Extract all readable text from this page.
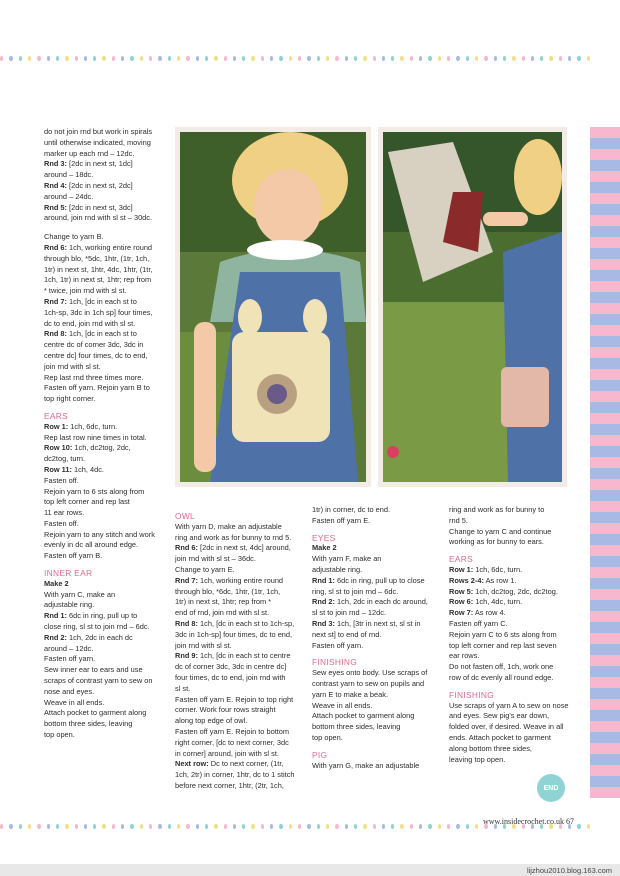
do not join rnd but work in spirals

until otherwise indicated, moving

marker up each rnd – 12dc.

Rnd 3: [2dc in next st, 1dc]

around – 18dc.

Rnd 4: [2dc in next st, 2dc]

around – 24dc.

Rnd 5: [2dc in next st, 3dc]

around, join rnd with sl st – 30dc.

Change to yarn B.

Rnd 6: 1ch, working entire round

through blo, *5dc, 1htr, (1tr, 1ch,

1tr) in next st, 1htr, 4dc, 1htr, (1tr,

1ch, 1tr) in next st, 1htr; rep from

* twice, join rnd with sl st.

Rnd 7: 1ch, [dc in each st to

1ch-sp, 3dc in 1ch sp] four times,

dc to end, join rnd with sl st.

Rnd 8: 1ch, [dc in each st to

centre dc of corner 3dc, 3dc in

centre dc] four times, dc to end,

join rnd with sl st.

Rep last rnd three times more.

Fasten off yarn. Rejoin yarn B to

top right corner.

EARS

Row 1: 1ch, 6dc, turn.

Rep last row nine times in total.

Row 10: 1ch, dc2tog, 2dc,

dc2tog, turn.

Row 11: 1ch, 4dc.

Fasten off.

Rejoin yarn to 6 sts along from

top left corner and rep last

11 ear rows.

Fasten off.

Rejoin yarn to any stitch and work

evenly in dc all around edge.

Fasten off yarn B.

INNER EAR

Make 2

With yarn C, make an

adjustable ring.

Rnd 1: 6dc in ring, pull up to

close ring, sl st to join rnd – 6dc.

Rnd 2: 1ch, 2dc in each dc

around – 12dc.

Fasten off yarn.

Sew inner ear to ears and use

scraps of contrast yarn to sew on

nose and eyes.

Weave in all ends.

Attach pocket to garment along

bottom three sides, leaving

top open.

OWL

With yarn D, make an adjustable

ring and work as for bunny to rnd 5.

Rnd 6: [2dc in next st, 4dc] around,

join rnd with sl st – 36dc.

Change to yarn E.

Rnd 7: 1ch, working entire round

through blo, *6dc, 1htr, (1tr, 1ch,

1tr) in next st, 1htr; rep from *

end of rnd, join rnd with sl st.

Rnd 8: 1ch, [dc in each st to 1ch-sp,

3dc in 1ch-sp] four times, dc to end,

join rnd with sl st.

Rnd 9: 1ch, [dc in each st to centre

dc of corner 3dc, 3dc in centre dc]

four times, dc to end, join rnd with

sl st.

Fasten off yarn E. Rejoin to top right

corner. Work four rows straight

along top edge of owl.

Fasten off yarn E. Rejoin to bottom

right corner, [dc to next corner, 3dc

in corner] around, join with sl st.

Next row: Dc to next corner, (1tr,

1ch, 2tr) in corner, 1htr, dc to 1 stitch

before next corner, 1htr, (2tr, 1ch,

1tr) in corner, dc to end.

Fasten off yarn E.

EYES

Make 2

With yarn F, make an

adjustable ring.

Rnd 1: 6dc in ring, pull up to close

ring, sl st to join rnd – 6dc.

Rnd 2: 1ch, 2dc in each dc around,

sl st to join rnd – 12dc.

Rnd 3: 1ch, [3tr in next st, sl st in

next st] to end of rnd.

Fasten off yarn.

FINISHING

Sew eyes onto body. Use scraps of

contrast yarn to sew on pupils and

yarn E to make a beak.

Weave in all ends.

Attach pocket to garment along

bottom three sides, leaving

top open.

PIG

With yarn G, make an adjustable

ring and work as for bunny to

rnd 5.

Change to yarn C and continue

working as for bunny to ears.

EARS

Row 1: 1ch, 6dc, turn.

Rows 2-4: As row 1.

Row 5: 1ch, dc2tog, 2dc, dc2tog.

Row 6: 1ch, 4dc, turn.

Row 7: As row 4.

Fasten off yarn C.

Rejoin yarn C to 6 sts along from

top left corner and rep last seven

ear rows.

Do not fasten off, 1ch, work one

row of dc evenly all round edge.

FINISHING

Use scraps of yarn A to sew on nose

and eyes. Sew pig's ear down,

folded over, if desired. Weave in all

ends. Attach pocket to garment

along bottom three sides,

leaving top open.

END
www.insidecrochet.co.uk 67
lijzhou2010.blog.163.com
